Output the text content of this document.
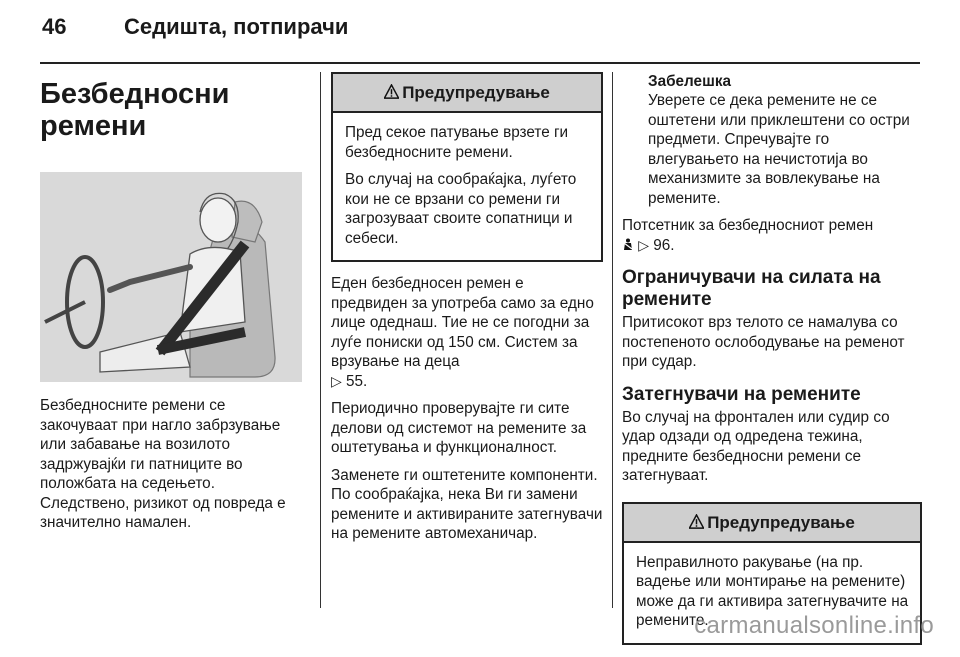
46	Седишта, потпирачи
Безбедносни ремени

Безбедносните ремени се закочуваат при нагло забрзување или забавање на возилото задржувајќи ги патниците во положбата на седењето. Следствено, ризикот од повреда е значително намален.

Предупредување

Пред секое патување врзете ги безбедносните ремени.

Во случај на сообраќајка, луѓето кои не се врзани со ремени ги загрозуваат своите сопатници и себеси.

Еден безбедносен ремен е предвиден за употреба само за едно лице одеднаш. Тие не се погодни за луѓе пониски од 150 см. Систем за врзување на деца
▷ 55.

Периодично проверувајте ги сите делови од системот на ремените за оштетувања и функционалност.

Заменете ги оштетените компоненти. По сообраќајка, нека Ви ги замени ремените и активираните затегнувачи на ремените автомеханичар.

Забелешка

Уверете се дека ремените не се оштетени или приклештени со остри предмети. Спречувајте го влегувањето на нечистотија во механизмите за вовлекување на ремените.

Потсетник за безбедносниот ремен
▷ 96.

Ограничувачи на силата на ремените

Притисокот врз телото се намалува со постепеното ослободување на ременот при судар.

Затегнувачи на ремените

Во случај на фронтален или судир со удар одзади од одредена тежина, предните безбедносни ремени се затегнуваат.

Предупредување

Неправилното ракување (на пр. вадење или монтирање на ремените) може да ги активира затегнувачите на ремените.

carmanualsonline.info
